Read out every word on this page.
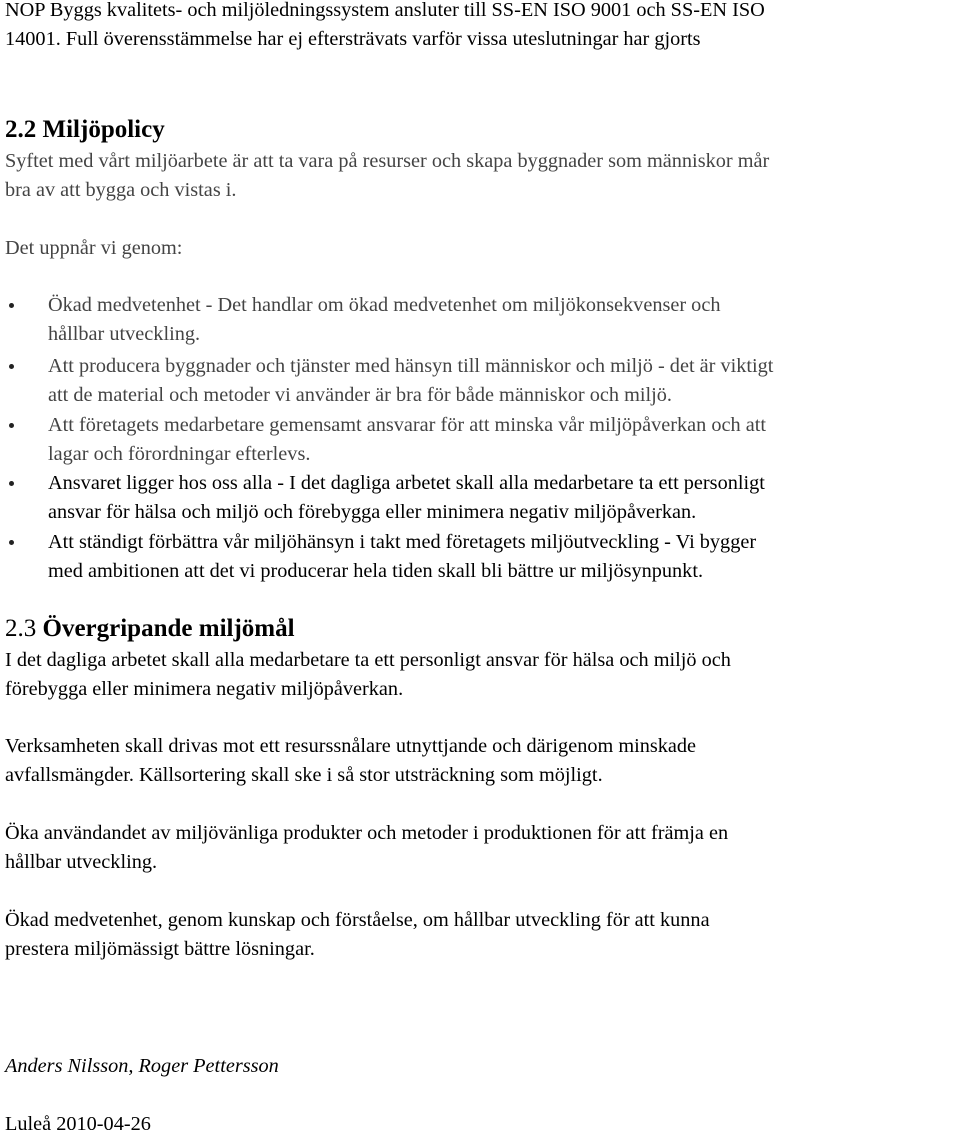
NOP Byggs kvalitets- och miljöledningssystem ansluter till SS-EN ISO 9001 och SS-EN ISO

14001. Full överensstämmelse har ej eftersträvats varför vissa uteslutningar har gjorts

2.2 Miljöpolicy

Syftet med vårt miljöarbete är att ta vara på resurser och skapa byggnader som människor mår

bra av att bygga och vistas i.

Det uppnår vi genom:

Ökad medvetenhet - Det handlar om ökad medvetenhet om miljökonsekvenser och
hållbar utveckling.
Att producera byggnader och tjänster med hänsyn till människor och miljö - det är viktigt
att de material och metoder vi använder är bra för både människor och miljö.
Att företagets medarbetare gemensamt ansvarar för att minska vår miljöpåverkan och att
lagar och förordningar efterlevs.
Ansvaret ligger hos oss alla - I det dagliga arbetet skall alla medarbetare ta ett personligt
ansvar för hälsa och miljö och förebygga eller minimera negativ miljöpåverkan.
Att ständigt förbättra vår miljöhänsyn i takt med företagets miljöutveckling - Vi bygger
med ambitionen att det vi producerar hela tiden skall bli bättre ur miljösynpunkt.
2.3 Övergripande miljömål

I det dagliga arbetet skall alla medarbetare ta ett personligt ansvar för hälsa och miljö och

förebygga eller minimera negativ miljöpåverkan.

Verksamheten skall drivas mot ett resurssnålare utnyttjande och därigenom minskade

avfallsmängder. Källsortering skall ske i så stor utsträckning som möjligt.

Öka användandet av miljövänliga produkter och metoder i produktionen för att främja en

hållbar utveckling.

Ökad medvetenhet, genom kunskap och förståelse, om hållbar utveckling för att kunna

prestera miljömässigt bättre lösningar.

Anders Nilsson, Roger Pettersson

Luleå 2010-04-26
